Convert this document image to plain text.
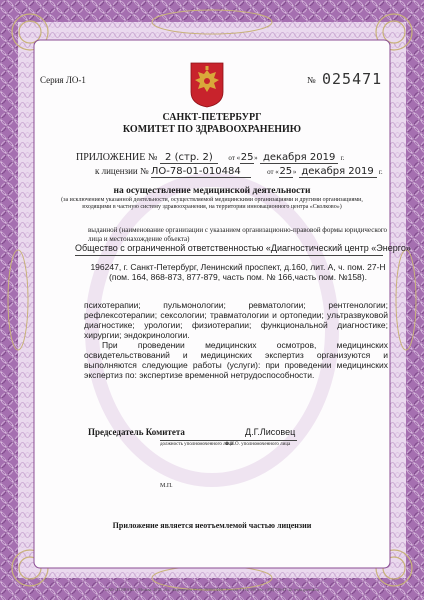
Серия ЛО-1	№ 025471
САНКТ-ПЕТЕРБУРГ
КОМИТЕТ ПО ЗДРАВООХРАНЕНИЮ
ПРИЛОЖЕНИЕ № 2 (стр. 2) от «25» декабря 2019 г.
к лицензии № ЛО-78-01-010484	от «25» декабря 2019 г.
на осуществление медицинской деятельности
(за исключением указанной деятельности, осуществляемой медицинскими организациями и другими организациями, входящими в частную систему здравоохранения, на территории инновационного центра «Сколково»)
выданной (наименование организации с указанием организационно-правовой формы юридического лица и местонахождение объекта)
Общество с ограниченной ответственностью «Диагностический центр «Энерго»
196247, г. Санкт-Петербург, Ленинский проспект, д.160, лит. А, ч. пом. 27-Н (пом. 164, 868-873, 877-879, часть пом. № 166,часть пом. №158).

психотерапии; пульмонологии; ревматологии; рентгенологии; рефлексотерапии; сексологии; травматологии и ортопедии; ультразвуковой диагностике; урологии; физиотерапии; функциональной диагностике; хирургии; эндокринологии.

При проведении медицинских осмотров, медицинских освидетельствований и медицинских экспертиз организуются и выполняются следующие работы (услуги): при проведении медицинских экспертиз по: экспертизе временной нетрудоспособности.

Председатель Комитета
должность уполномоченного лица
Д.Г.Лисовец
Ф.И.О. уполномоченного лица
М.П.
Приложение является неотъемлемой частью лицензии
« АО «ГОЗНАК» г. Москва, 2019, «Б», лицензия № 05-05-09/003 ФНС России, ТЗ № 390, тел. (495) 726-47-42, www.goznak.ru
